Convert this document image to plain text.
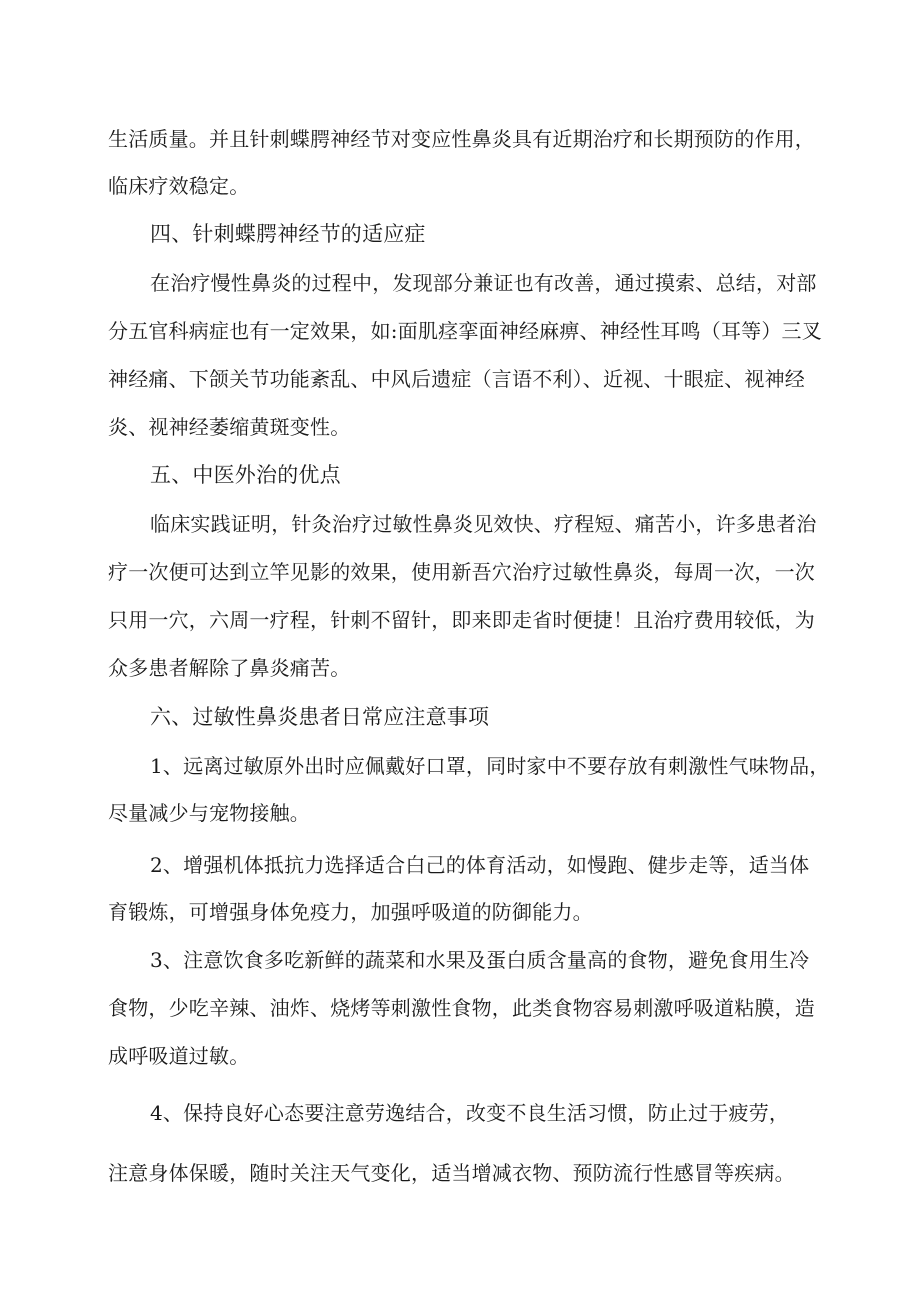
生活质量。并且针刺蝶腭神经节对变应性鼻炎具有近期治疗和长期预防的作用，
临床疗效稳定。
四、针刺蝶腭神经节的适应症
在治疗慢性鼻炎的过程中，发现部分兼证也有改善，通过摸索、总结，对部
分五官科病症也有一定效果，如:面肌痉挛面神经麻痹、神经性耳鸣（耳等）三叉
神经痛、下颌关节功能紊乱、中风后遗症（言语不利）、近视、十眼症、视神经
炎、视神经萎缩黄斑变性。
五、中医外治的优点
临床实践证明，针灸治疗过敏性鼻炎见效快、疗程短、痛苦小，许多患者治
疗一次便可达到立竿见影的效果，使用新吾穴治疗过敏性鼻炎，每周一次，一次
只用一穴，六周一疗程，针刺不留针，即来即走省时便捷！且治疗费用较低，为
众多患者解除了鼻炎痛苦。
六、过敏性鼻炎患者日常应注意事项
1、远离过敏原外出时应佩戴好口罩，同时家中不要存放有刺激性气味物品，
尽量减少与宠物接触。
2、增强机体抵抗力选择适合白己的体育活动，如慢跑、健步走等，适当体
育锻炼，可增强身体免疫力，加强呼吸道的防御能力。
3、注意饮食多吃新鲜的蔬菜和水果及蛋白质含量高的食物，避免食用生冷
食物，少吃辛辣、油炸、烧烤等刺激性食物，此类食物容易刺激呼吸道粘膜，造
成呼吸道过敏。
4、保持良好心态要注意劳逸结合，改变不良生活习惯，防止过于疲劳，
注意身体保暖，随时关注天气变化，适当增减衣物、预防流行性感冒等疾病。
